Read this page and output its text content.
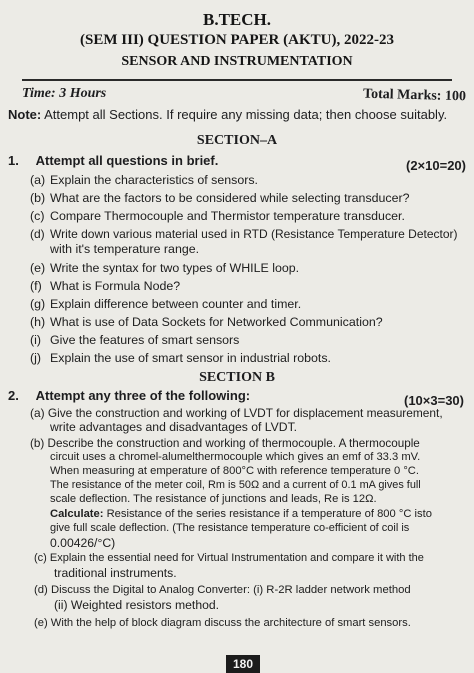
B.TECH.
(SEM III) QUESTION PAPER (AKTU), 2022-23
SENSOR AND INSTRUMENTATION
Time: 3 Hours	Total Marks: 100
Note: Attempt all Sections. If require any missing data; then choose suitably.
SECTION–A
1. Attempt all questions in brief.	(2×10=20)
(a) Explain the characteristics of sensors.
(b) What are the factors to be considered while selecting transducer?
(c) Compare Thermocouple and Thermistor temperature transducer.
(d) Write down various material used in RTD (Resistance Temperature Detector)
with it's temperature range.
(e) Write the syntax for two types of WHILE loop.
(f) What is Formula Node?
(g) Explain difference between counter and timer.
(h) What is use of Data Sockets for Networked Communication?
(i) Give the features of smart sensors
(j) Explain the use of smart sensor in industrial robots.
SECTION B
2. Attempt any three of the following:	(10×3=30)
(a) Give the construction and working of LVDT for displacement measurement,
write advantages and disadvantages of LVDT.
(b) Describe the construction and working of thermocouple. A thermocouple
circuit uses a chromel-alumelthermocouple which gives an emf of 33.3 mV.
When measuring at emperature of 800°C with reference temperature 0 °C.
The resistance of the meter coil, Rm is 50Ω and a current of 0.1 mA gives full
scale deflection. The resistance of junctions and leads, Re is 12Ω.
Calculate: Resistance of the series resistance if a temperature of 800 °C isto
give full scale deflection. (The resistance temperature co-efficient of coil is
0.00426/°C)
(c) Explain the essential need for Virtual Instrumentation and compare it with the
traditional instruments.
(d) Discuss the Digital to Analog Converter: (i) R-2R ladder network method
(ii) Weighted resistors method.
(e) With the help of block diagram discuss the architecture of smart sensors.
180
